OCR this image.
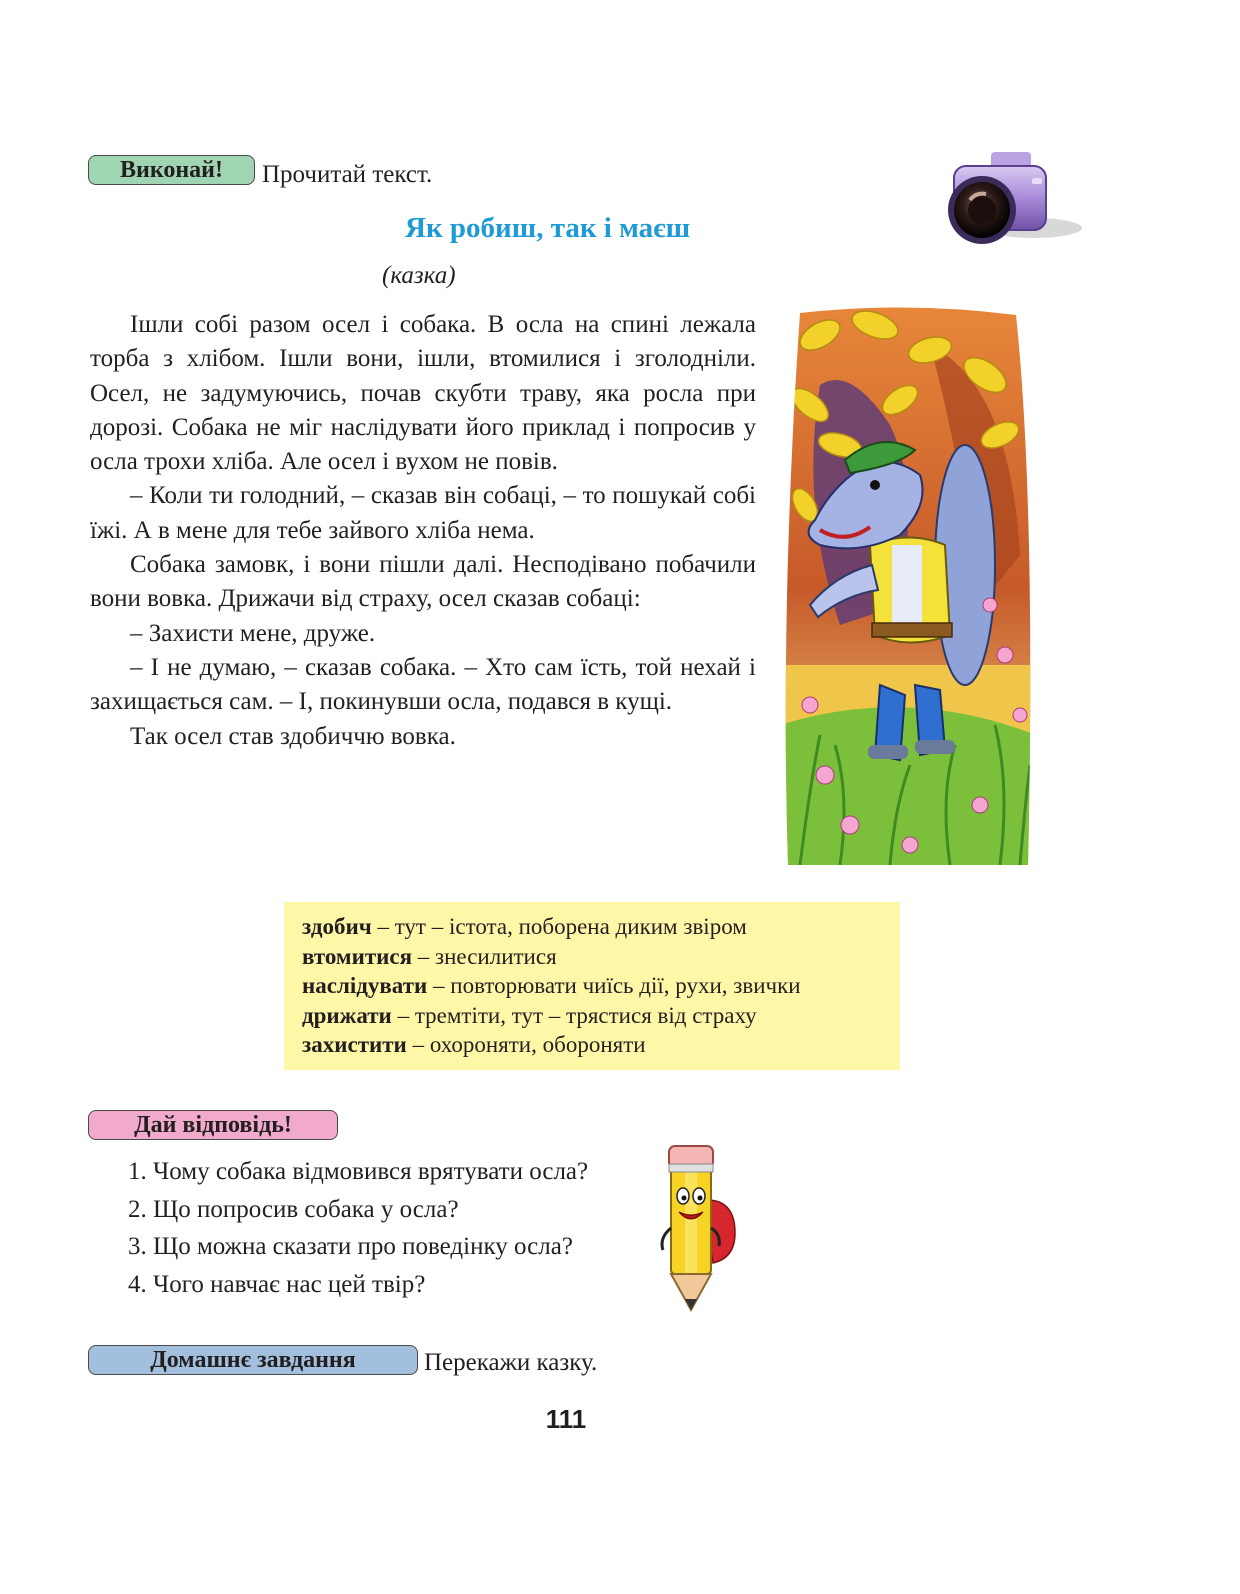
Виконай!	Прочитай текст.
Як робиш, так і маєш
(казка)

Ішли собі разом осел і собака. В осла на спині лежала торба з хлібом. Ішли вони, ішли, втомилися і зголодніли. Осел, не задумуючись, почав скубти траву, яка росла при дорозі. Собака не міг наслідувати його приклад і попросив у осла трохи хліба. Але осел і вухом не повів.

– Коли ти голодний, – сказав він собаці, – то пошукай собі їжі. А в мене для тебе зайвого хліба нема.

Собака замовк, і вони пішли далі. Несподівано побачили вони вовка. Дрижачи від страху, осел сказав собаці:

– Захисти мене, друже.

– І не думаю, – сказав собака. – Хто сам їсть, той нехай і захищається сам. – І, покинувши осла, подався в кущі.

Так осел став здобиччю вовка.

здобич – тут – істота, поборена диким звіром
втомитися – знесилитися
наслідувати – повторювати чиїсь дії, рухи, звички
дрижати – тремтіти, тут – трястися від страху
захистити – охороняти, обороняти
Дай відповідь!
1. Чому собака відмовився врятувати осла?
2. Що попросив собака у осла?
3. Що можна сказати про поведінку осла?
4. Чого навчає нас цей твір?
Домашнє завдання	Перекажи казку.
111
